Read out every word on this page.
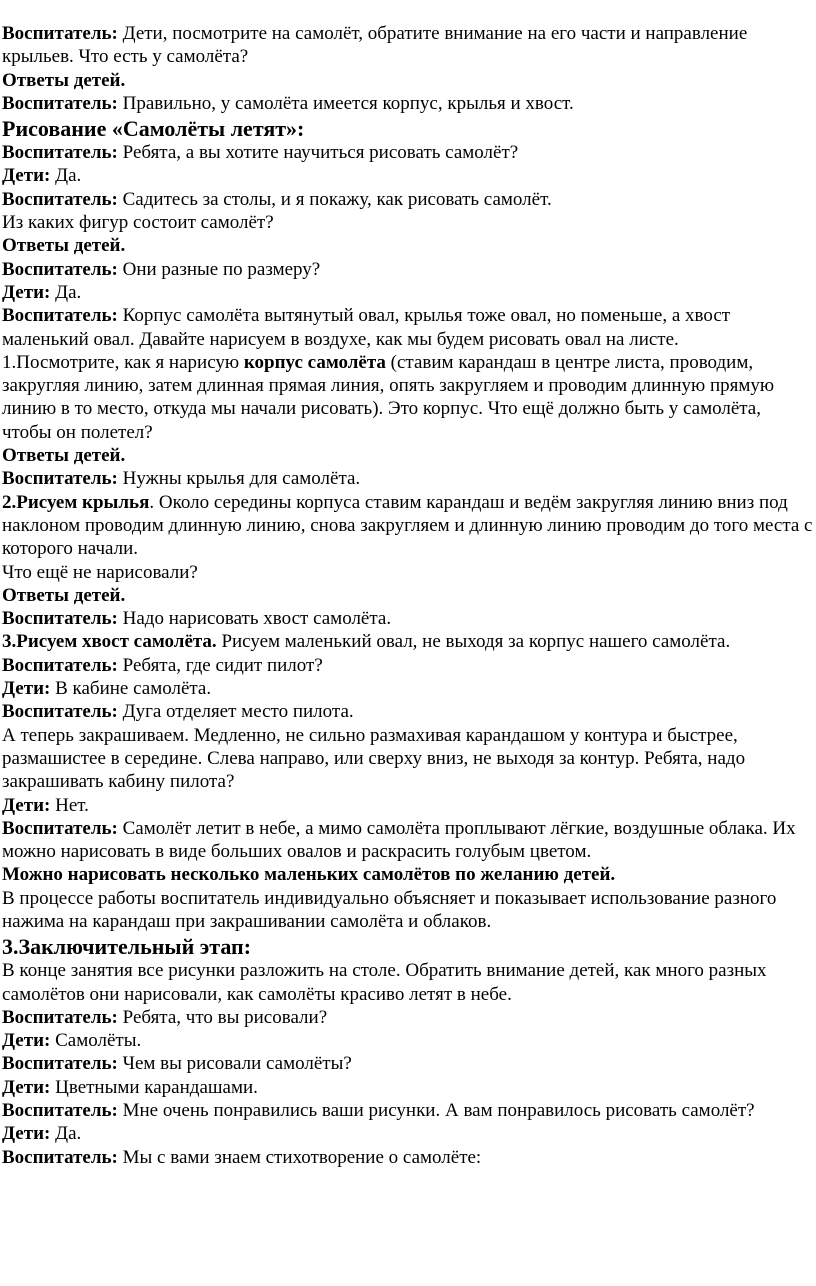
Воспитатель: Дети, посмотрите на самолёт, обратите внимание на его части и направление крыльев. Что есть у самолёта?

Ответы детей.

Воспитатель: Правильно, у самолёта имеется корпус, крылья и хвост.

Рисование «Самолёты летят»:

Воспитатель: Ребята, а вы хотите научиться рисовать самолёт?

Дети: Да.

Воспитатель: Садитесь за столы, и я покажу, как рисовать самолёт.

Из каких фигур состоит самолёт?

Ответы детей.

Воспитатель: Они разные по размеру?

Дети: Да.

Воспитатель: Корпус самолёта вытянутый овал, крылья тоже овал, но поменьше, а хвост маленький овал. Давайте нарисуем в воздухе, как мы будем рисовать овал на листе.

1.Посмотрите, как я нарисую корпус самолёта (ставим карандаш в центре листа, проводим, закругляя линию, затем длинная прямая линия, опять закругляем и проводим длинную прямую линию в то место, откуда мы начали рисовать). Это корпус. Что ещё должно быть у самолёта, чтобы он полетел?

Ответы детей.

Воспитатель: Нужны крылья для самолёта.

2.Рисуем крылья. Около середины корпуса ставим карандаш и ведём закругляя линию вниз под наклоном проводим длинную линию, снова закругляем и длинную линию проводим до того места с которого начали.

Что ещё не нарисовали?

Ответы детей.

Воспитатель: Надо нарисовать хвост самолёта.

3.Рисуем хвост самолёта. Рисуем маленький овал, не выходя за корпус нашего самолёта.

Воспитатель: Ребята, где сидит пилот?

Дети: В кабине самолёта.

Воспитатель: Дуга отделяет место пилота.

А теперь закрашиваем. Медленно, не сильно размахивая карандашом у контура и быстрее, размашистее в середине. Слева направо, или сверху вниз, не выходя за контур. Ребята, надо закрашивать кабину пилота?

Дети: Нет.

Воспитатель: Самолёт летит в небе, а мимо самолёта проплывают лёгкие, воздушные облака. Их можно нарисовать в виде больших овалов и раскрасить голубым цветом.

Можно нарисовать несколько маленьких самолётов по желанию детей.

В процессе работы воспитатель индивидуально объясняет и показывает использование разного нажима на карандаш при закрашивании самолёта и облаков.

3.Заключительный этап:

В конце занятия все рисунки разложить на столе. Обратить внимание детей, как много разных самолётов они нарисовали, как самолёты красиво летят в небе.

Воспитатель: Ребята, что вы рисовали?

Дети: Самолёты.

Воспитатель: Чем вы рисовали самолёты?

Дети: Цветными карандашами.

Воспитатель: Мне очень понравились ваши рисунки. А вам понравилось рисовать самолёт?

Дети: Да.

Воспитатель: Мы с вами знаем стихотворение о самолёте:
